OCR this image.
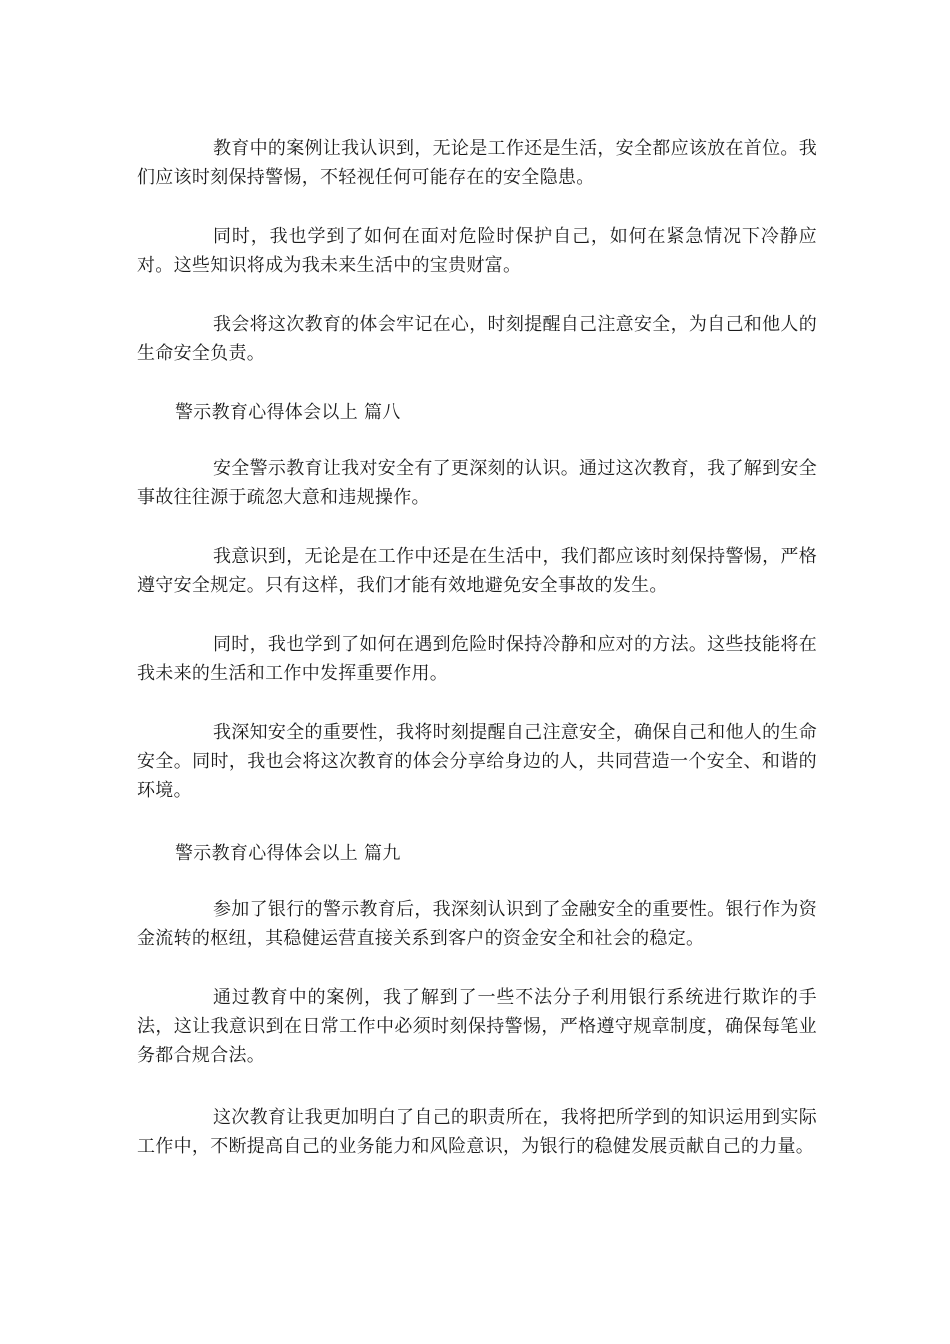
教育中的案例让我认识到，无论是工作还是生活，安全都应该放在首位。我们应该时刻保持警惕，不轻视任何可能存在的安全隐患。

同时，我也学到了如何在面对危险时保护自己，如何在紧急情况下冷静应对。这些知识将成为我未来生活中的宝贵财富。

我会将这次教育的体会牢记在心，时刻提醒自己注意安全，为自己和他人的生命安全负责。

警示教育心得体会以上 篇八

安全警示教育让我对安全有了更深刻的认识。通过这次教育，我了解到安全事故往往源于疏忽大意和违规操作。

我意识到，无论是在工作中还是在生活中，我们都应该时刻保持警惕，严格遵守安全规定。只有这样，我们才能有效地避免安全事故的发生。

同时，我也学到了如何在遇到危险时保持冷静和应对的方法。这些技能将在我未来的生活和工作中发挥重要作用。

我深知安全的重要性，我将时刻提醒自己注意安全，确保自己和他人的生命安全。同时，我也会将这次教育的体会分享给身边的人，共同营造一个安全、和谐的环境。

警示教育心得体会以上 篇九

参加了银行的警示教育后，我深刻认识到了金融安全的重要性。银行作为资金流转的枢纽，其稳健运营直接关系到客户的资金安全和社会的稳定。

通过教育中的案例，我了解到了一些不法分子利用银行系统进行欺诈的手法，这让我意识到在日常工作中必须时刻保持警惕，严格遵守规章制度，确保每笔业务都合规合法。

这次教育让我更加明白了自己的职责所在，我将把所学到的知识运用到实际工作中，不断提高自己的业务能力和风险意识，为银行的稳健发展贡献自己的力量。
